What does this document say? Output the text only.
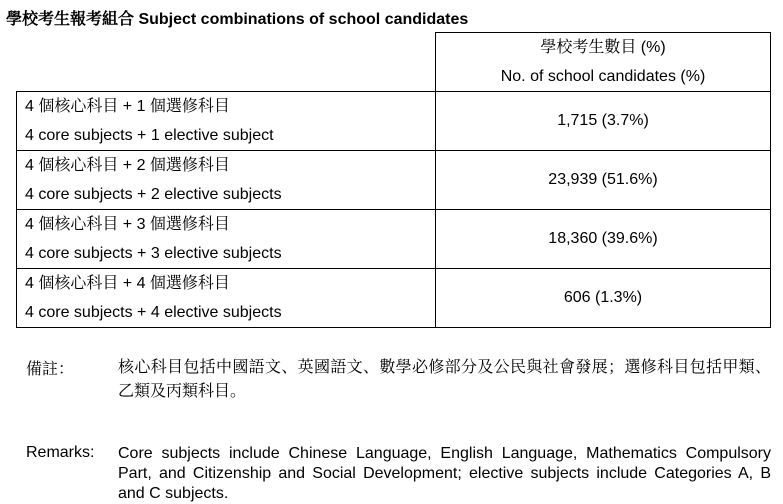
學校考生報考組合 Subject combinations of school candidates

	學校考生數目 (%)
No. of school candidates (%)

4 個核心科目 + 1 個選修科目
4 core subjects + 1 elective subject	1,715 (3.7%)

4 個核心科目 + 2 個選修科目
4 core subjects + 2 elective subjects	23,939 (51.6%)

4 個核心科目 + 3 個選修科目
4 core subjects + 3 elective subjects	18,360 (39.6%)

4 個核心科目 + 4 個選修科目
4 core subjects + 4 elective subjects	606 (1.3%)
備註：	核心科目包括中國語文、英國語文、數學必修部分及公民與社會發展；選修科目包括甲類、乙類及丙類科目。
Remarks:	Core subjects include Chinese Language, English Language, Mathematics Compulsory Part, and Citizenship and Social Development; elective subjects include Categories A, B and C subjects.
